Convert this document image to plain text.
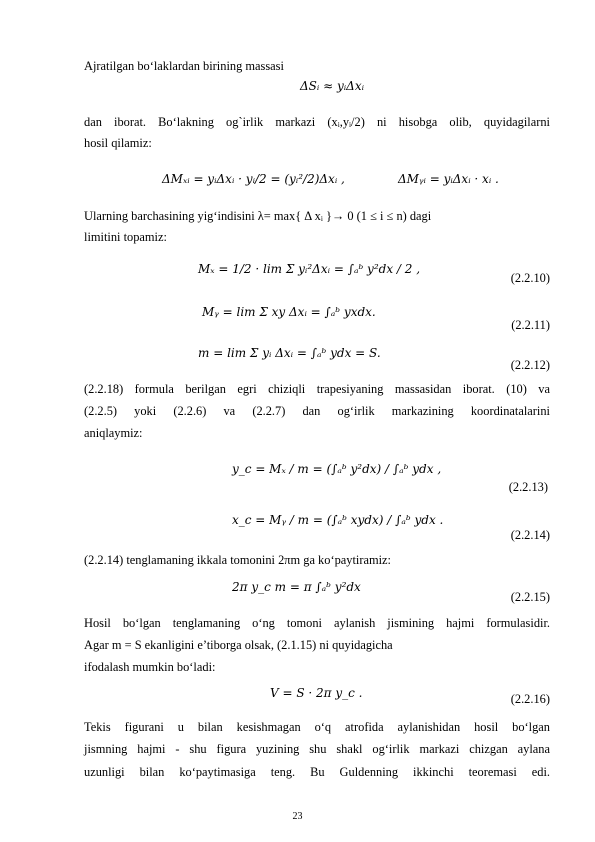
Ajratilgan bo‘laklardan birining massasi
ΔSᵢ ≈ yᵢΔxᵢ
dan iborat. Bo‘lakning og`irlik markazi (xᵢ,yᵢ/2) ni hisobga olib, quyidagilarni
hosil qilamiz:
ΔMₓᵢ = yᵢΔxᵢ · yᵢ/2 = (yᵢ²/2)Δxᵢ ,	ΔMᵧᵢ = yᵢΔxᵢ · xᵢ .
Ularning barchasining yig‘indisini λ= max{ Δ xᵢ }→ 0 (1 ≤ i ≤ n) dagi
limitini topamiz:
Mₓ = 1/2 · lim Σ yᵢ²Δxᵢ = ∫ₐᵇ y²dx / 2 ,
(2.2.10)
Mᵧ = lim Σ xy Δxᵢ = ∫ₐᵇ yxdx.
(2.2.11)
m = lim Σ yᵢ Δxᵢ = ∫ₐᵇ ydx = S.
(2.2.12)
(2.2.18) formula berilgan egri chiziqli trapesiyaning massasidan iborat. (10) va
(2.2.5) yoki (2.2.6) va (2.2.7) dan og‘irlik markazining koordinatalarini
aniqlaymiz:
y_c = Mₓ / m = (∫ₐᵇ y²dx) / ∫ₐᵇ ydx ,
(2.2.13)
x_c = Mᵧ / m = (∫ₐᵇ xydx) / ∫ₐᵇ ydx .
(2.2.14)
(2.2.14) tenglamaning ikkala tomonini 2πm ga ko‘paytiramiz:
2π y_c m = π ∫ₐᵇ y²dx
(2.2.15)
Hosil bo‘lgan tenglamaning o‘ng tomoni aylanish jismining hajmi formulasidir.
Agar m = S ekanligini e’tiborga olsak, (2.1.15) ni quyidagicha
ifodalash mumkin bo‘ladi:
V = S · 2π y_c .	(2.2.16)
Tekis figurani u bilan kesishmagan o‘q atrofida aylanishidan hosil bo‘lgan
jismning hajmi - shu figura yuzining shu shakl og‘irlik markazi chizgan aylana
uzunligi bilan ko‘paytimasiga teng. Bu Guldenning ikkinchi teoremasi edi.
23
